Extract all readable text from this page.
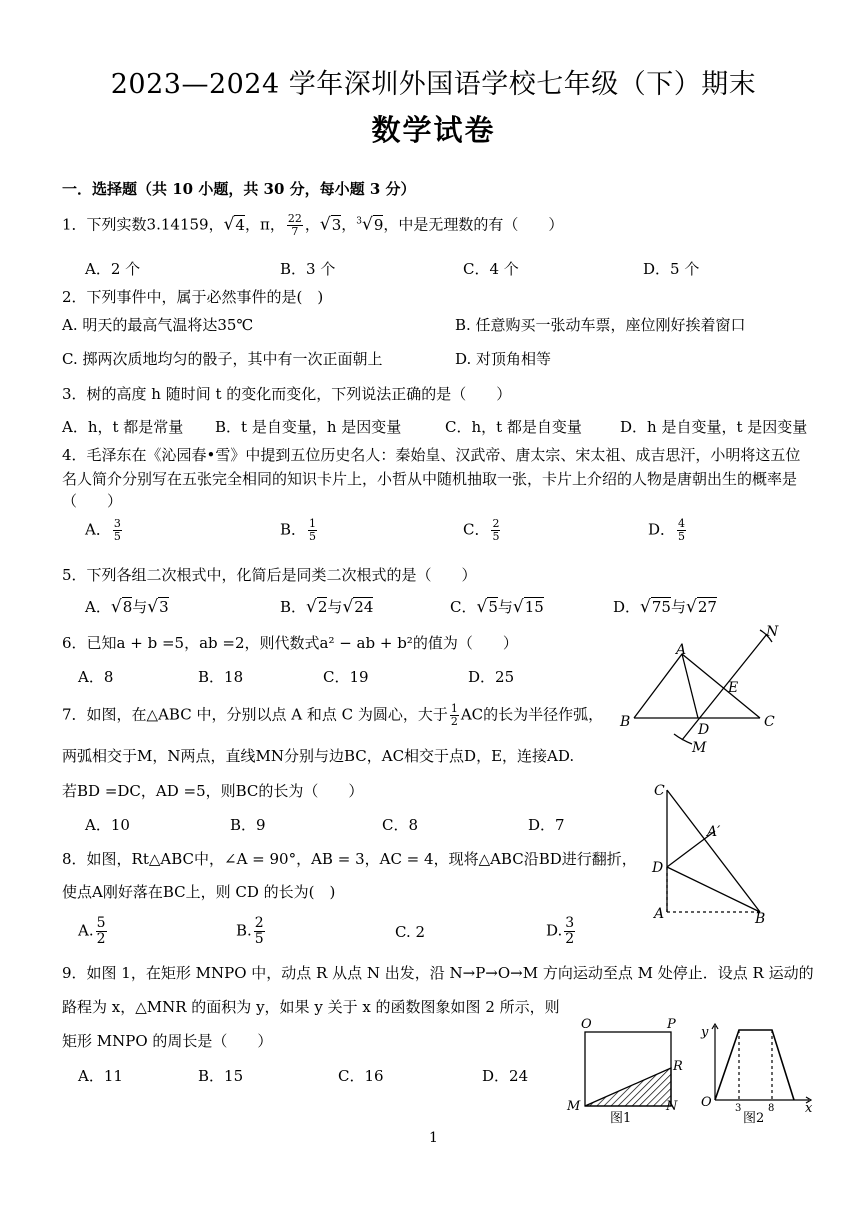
2023—2024 学年深圳外国语学校七年级（下）期末
数学试卷
一．选择题（共 10 小题，共 30 分，每小题 3 分）
1．下列实数3.14159，√4，π， $\frac{22}{7}$ ，√3，$^3$√9，中是无理数的有（　　）
A．2 个	B．3 个	C．4 个	D．5 个
2．下列事件中，属于必然事件的是(　)
A. 明天的最高气温将达35℃	B. 任意购买一张动车票，座位刚好挨着窗口
C. 掷两次质地均匀的骰子，其中有一次正面朝上	D. 对顶角相等
3．树的高度 h 随时间 t 的变化而变化，下列说法正确的是（　　）
A．h，t 都是常量 B．t 是自变量，h 是因变量	C．h，t 都是自变量	D．h 是自变量，t 是因变量
4．毛泽东在《沁园春•雪》中提到五位历史名人：秦始皇、汉武帝、唐太宗、宋太祖、成吉思汗，小明将这五位
名人简介分别写在五张完全相同的知识卡片上，小哲从中随机抽取一张，卡片上介绍的人物是唐朝出生的概率是
（　　）
A． $\frac{3}{5}$	B． $\frac{1}{5}$	C． $\frac{2}{5}$	D． $\frac{4}{5}$
5．下列各组二次根式中，化简后是同类二次根式的是（　　）
A．√8与√3	B．√2与√24	C．√5与√15	D．√75与√27
6．已知a + b =5，ab =2，则代数式a² − ab + b²的值为（　　）
A．8	B．18	C．19	D．25
7．如图，在△ABC 中，分别以点 A 和点 C 为圆心，大于 $\frac{1}{2}$ AC的长为半径作弧，
两弧相交于M，N两点，直线MN分别与边BC，AC相交于点D，E，连接AD.
若BD =DC，AD =5，则BC的长为（　　）
A．10	B．9	C．8	D．7
8．如图，Rt△ABC中，∠A = 90°，AB = 3，AC = 4，现将△ABC沿BD进行翻折，
使点A刚好落在BC上，则 CD 的长为(　)
A. $\frac{5}{2}$	B. $\frac{2}{5}$	C. 2	D. $\frac{3}{2}$
9．如图 1，在矩形 MNPO 中，动点 R 从点 N 出发，沿 N→P→O→M 方向运动至点 M 处停止．设点 R 运动的
路程为 x，△MNR 的面积为 y，如果 y 关于 x 的函数图象如图 2 所示，则
矩形 MNPO 的周长是（　　）
A．11	B．15	C．16	D．24
A
B	C
D
E
M
N
C
A′
D
A	B
O	P
R
M	N
图1
y
O 3	8 x
图2
1
